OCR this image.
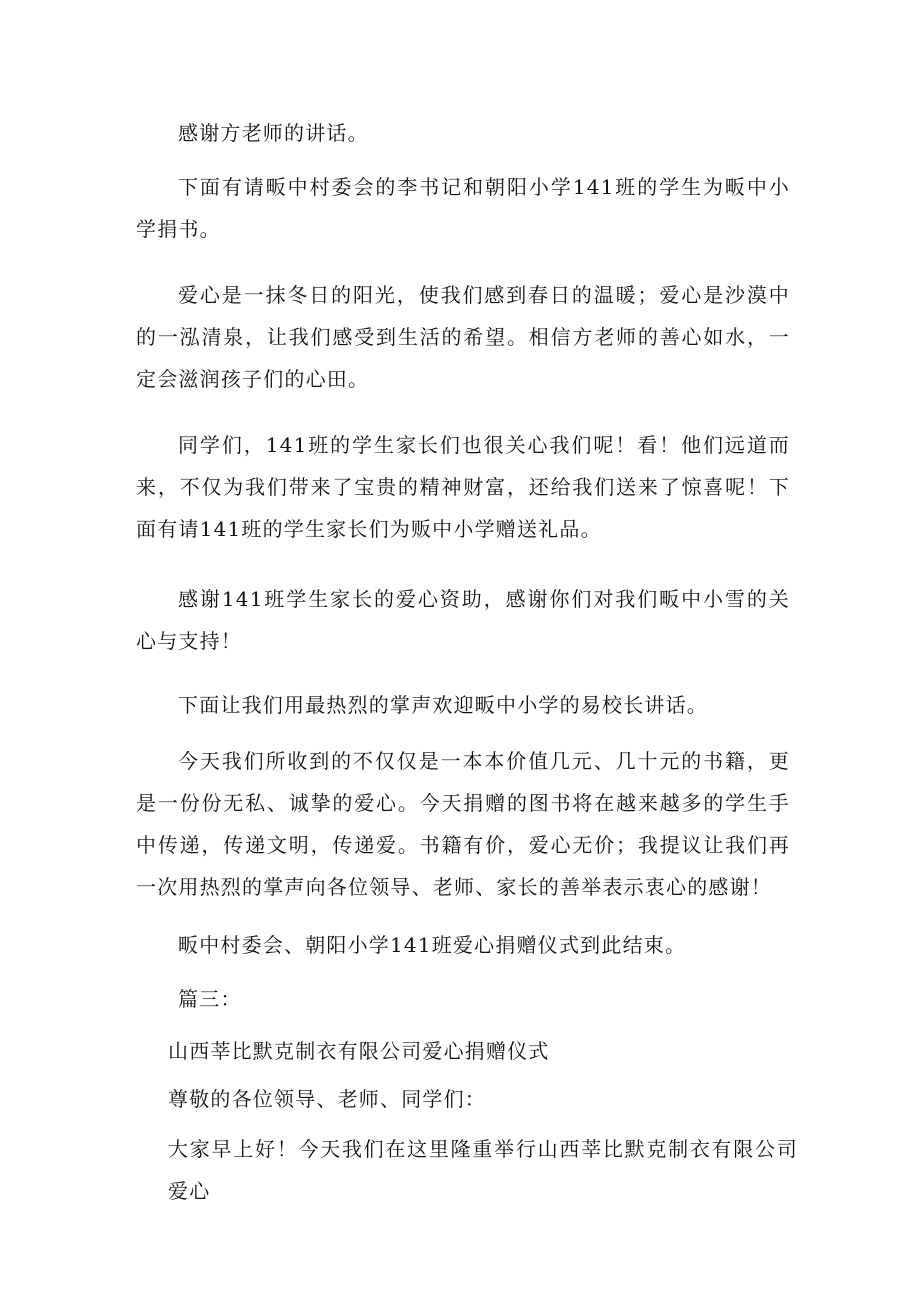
感谢方老师的讲话。

下面有请畈中村委会的李书记和朝阳小学141班的学生为畈中小学捐书。

爱心是一抹冬日的阳光，使我们感到春日的温暖；爱心是沙漠中的一泓清泉，让我们感受到生活的希望。相信方老师的善心如水，一定会滋润孩子们的心田。

同学们，141班的学生家长们也很关心我们呢！看！他们远道而来，不仅为我们带来了宝贵的精神财富，还给我们送来了惊喜呢！下面有请141班的学生家长们为贩中小学赠送礼品。

感谢141班学生家长的爱心资助，感谢你们对我们畈中小雪的关心与支持！

下面让我们用最热烈的掌声欢迎畈中小学的易校长讲话。

今天我们所收到的不仅仅是一本本价值几元、几十元的书籍，更是一份份无私、诚挚的爱心。今天捐赠的图书将在越来越多的学生手中传递，传递文明，传递爱。书籍有价，爱心无价；我提议让我们再一次用热烈的掌声向各位领导、老师、家长的善举表示衷心的感谢！

畈中村委会、朝阳小学141班爱心捐赠仪式到此结束。

篇三：

山西莘比默克制衣有限公司爱心捐赠仪式

尊敬的各位领导、老师、同学们：

大家早上好！今天我们在这里隆重举行山西莘比默克制衣有限公司爱心
